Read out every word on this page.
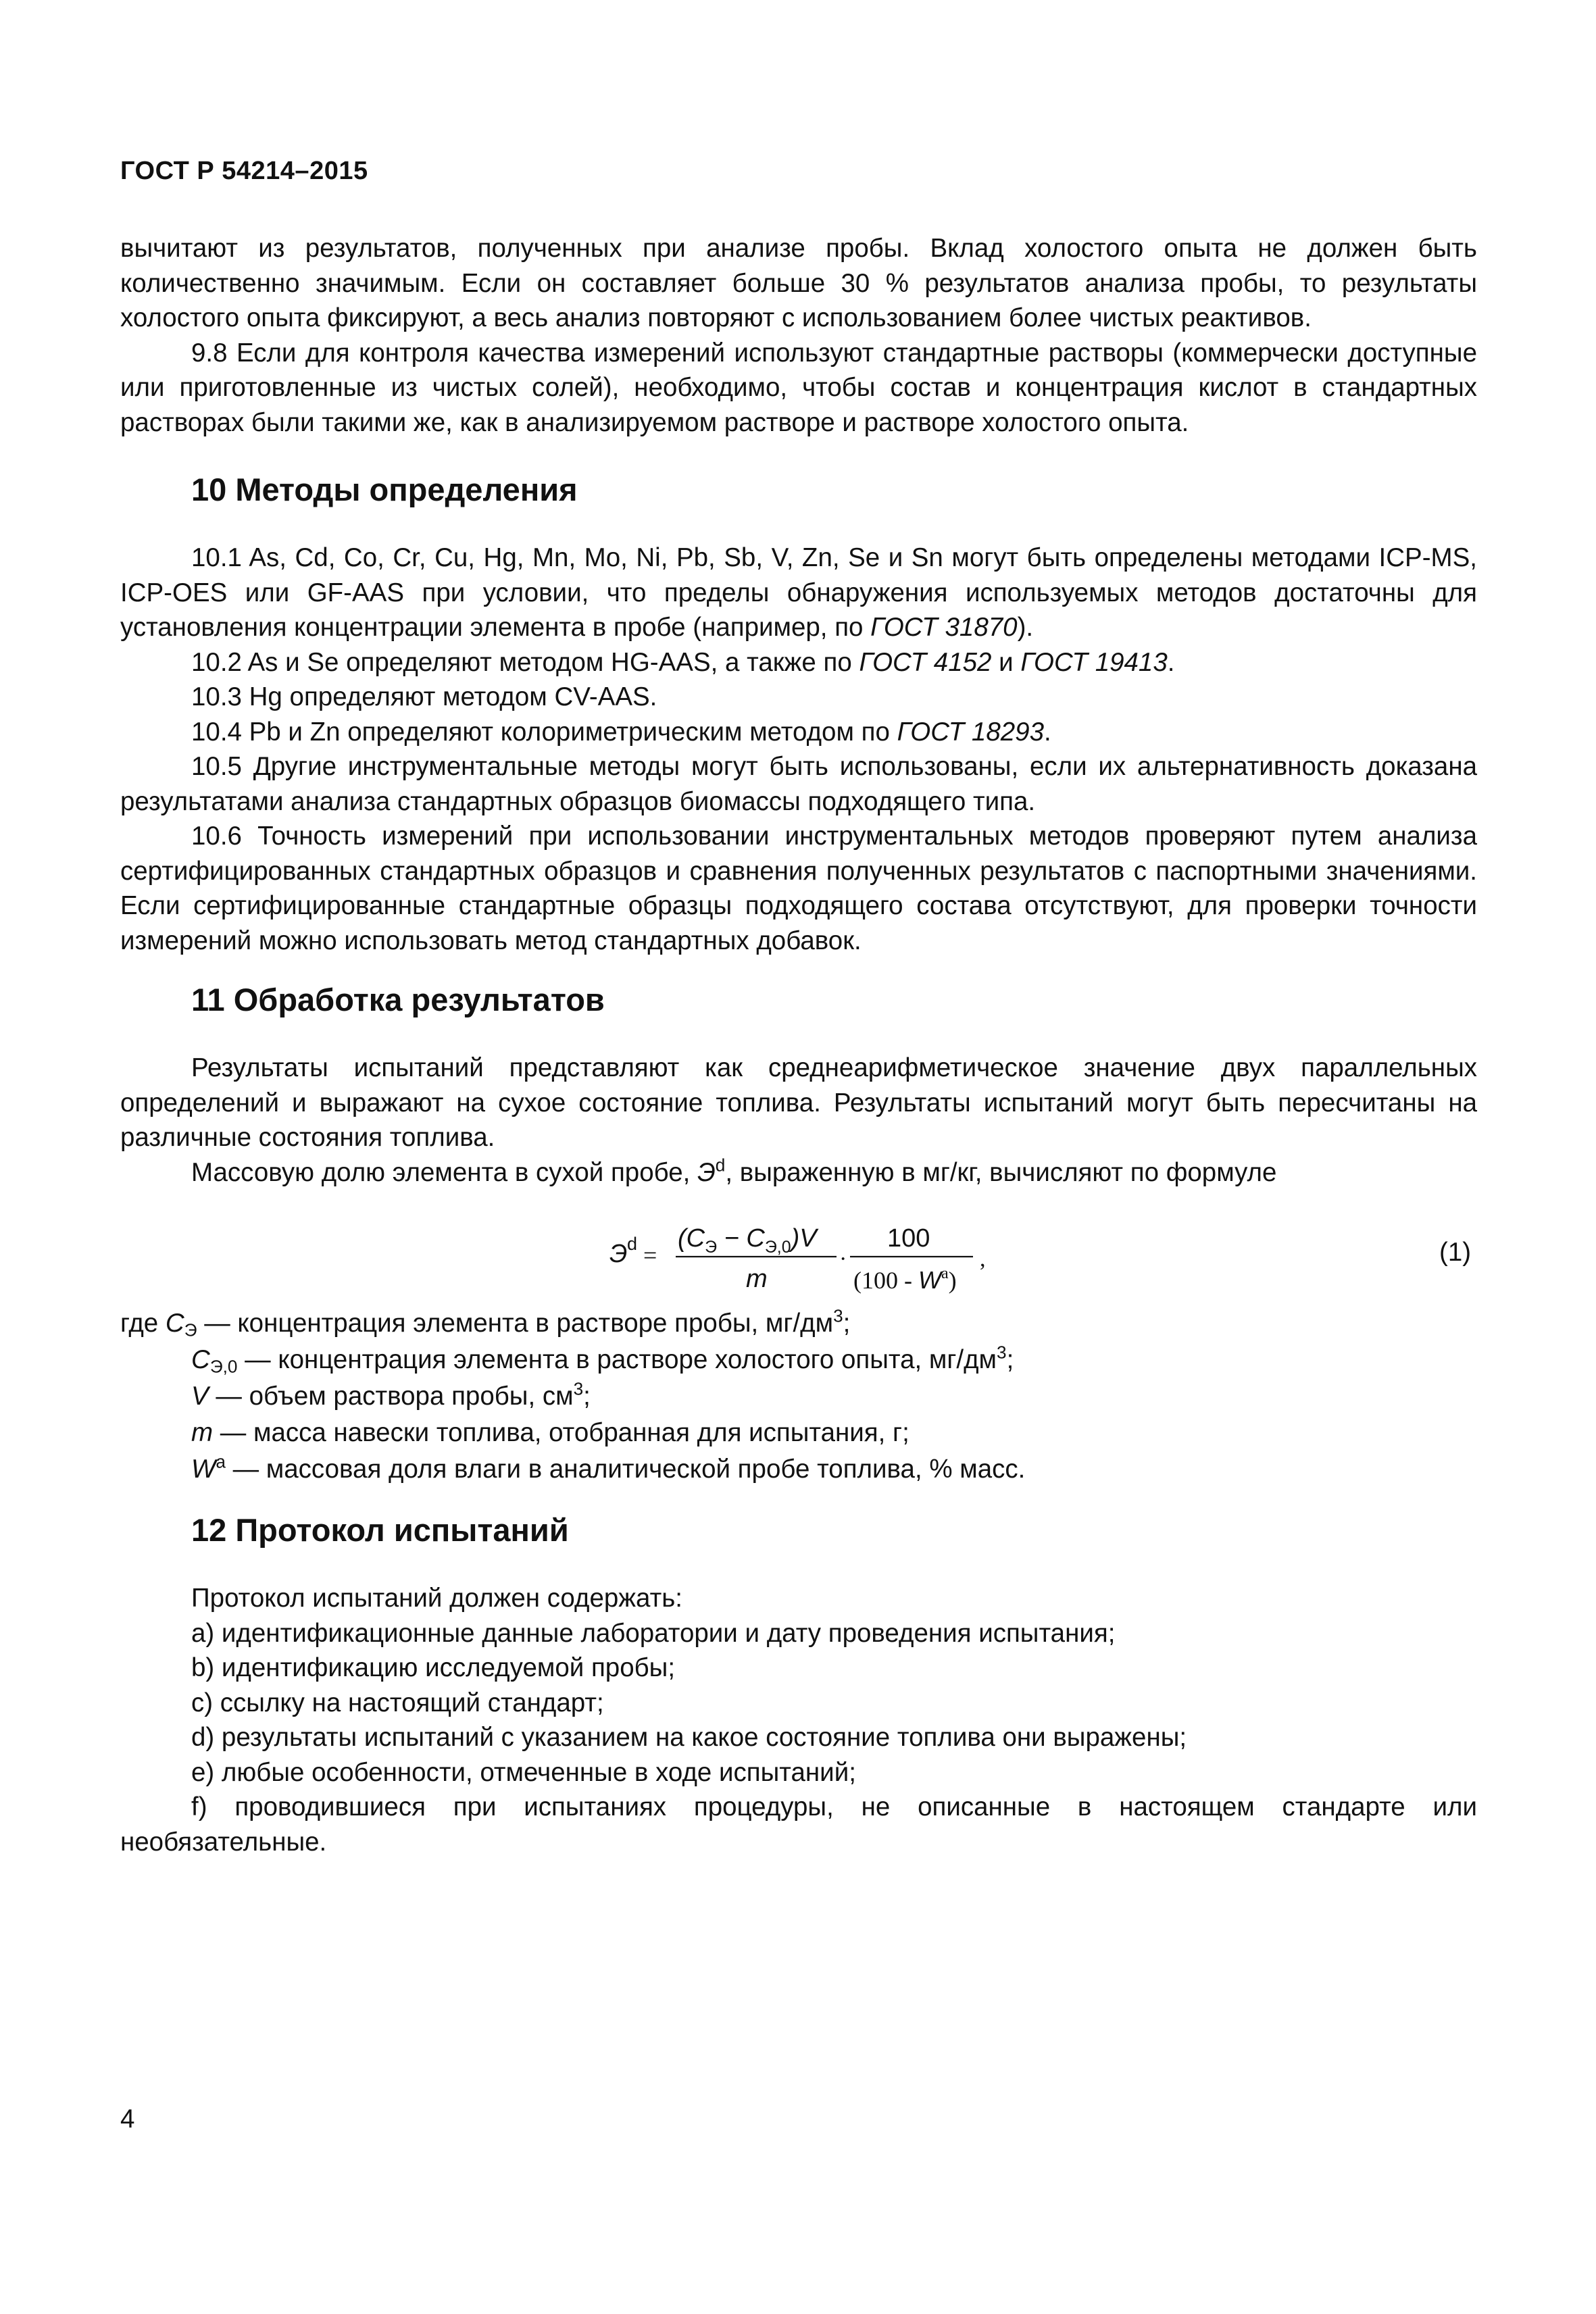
ГОСТ Р 54214–2015

вычитают из результатов, полученных при анализе пробы. Вклад холостого опыта не должен быть количественно значимым. Если он составляет больше 30 % результатов анализа пробы, то результаты холостого опыта фиксируют, а весь анализ повторяют с использованием более чистых реактивов.

9.8 Если для контроля качества измерений используют стандартные растворы (коммерчески доступные или приготовленные из чистых солей), необходимо, чтобы состав и концентрация кислот в стандартных растворах были такими же, как в анализируемом растворе и растворе холостого опыта.

10 Методы определения

10.1 As, Cd, Co, Cr, Cu, Hg, Mn, Mo, Ni, Pb, Sb, V, Zn, Se и Sn могут быть определены методами ICP-MS, ICP-OES или GF-AAS при условии, что пределы обнаружения используемых методов достаточны для установления концентрации элемента в пробе (например, по ГОСТ 31870).

10.2 As и Se определяют методом HG-AAS, а также по ГОСТ 4152 и ГОСТ 19413.

10.3 Hg определяют методом CV-AAS.

10.4 Pb и Zn определяют колориметрическим методом по ГОСТ 18293.

10.5 Другие инструментальные методы могут быть использованы, если их альтернативность доказана результатами анализа стандартных образцов биомассы подходящего типа.

10.6 Точность измерений при использовании инструментальных методов проверяют путем анализа сертифицированных стандартных образцов и сравнения полученных результатов с паспортными значениями. Если сертифицированные стандартные образцы подходящего состава отсутствуют, для проверки точности измерений можно использовать метод стандартных добавок.

11 Обработка результатов

Результаты испытаний представляют как среднеарифметическое значение двух параллельных определений и выражают на сухое состояние топлива. Результаты испытаний могут быть пересчитаны на различные состояния топлива.

Массовую долю элемента в сухой пробе, $Э^d$, выраженную в мг/кг, вычисляют по формуле

Э d =
$(C_Э - C_{Э,0})V$
m
·
100
$(100 - W^a)$
,	(1)

где $C_Э$ — концентрация элемента в растворе пробы, $мг/дм^3$;

$C_{Э,0}$ — концентрация элемента в растворе холостого опыта, $мг/дм^3$;

V — объем раствора пробы, $см^3$;

m — масса навески топлива, отобранная для испытания, г;

$W^a$ — массовая доля влаги в аналитической пробе топлива, % масс.

12 Протокол испытаний

Протокол испытаний должен содержать:

a) идентификационные данные лаборатории и дату проведения испытания;

b) идентификацию исследуемой пробы;

c) ссылку на настоящий стандарт;

d) результаты испытаний с указанием на какое состояние топлива они выражены;

e) любые особенности, отмеченные в ходе испытаний;

f) проводившиеся при испытаниях процедуры, не описанные в настоящем стандарте или необязательные.

4
